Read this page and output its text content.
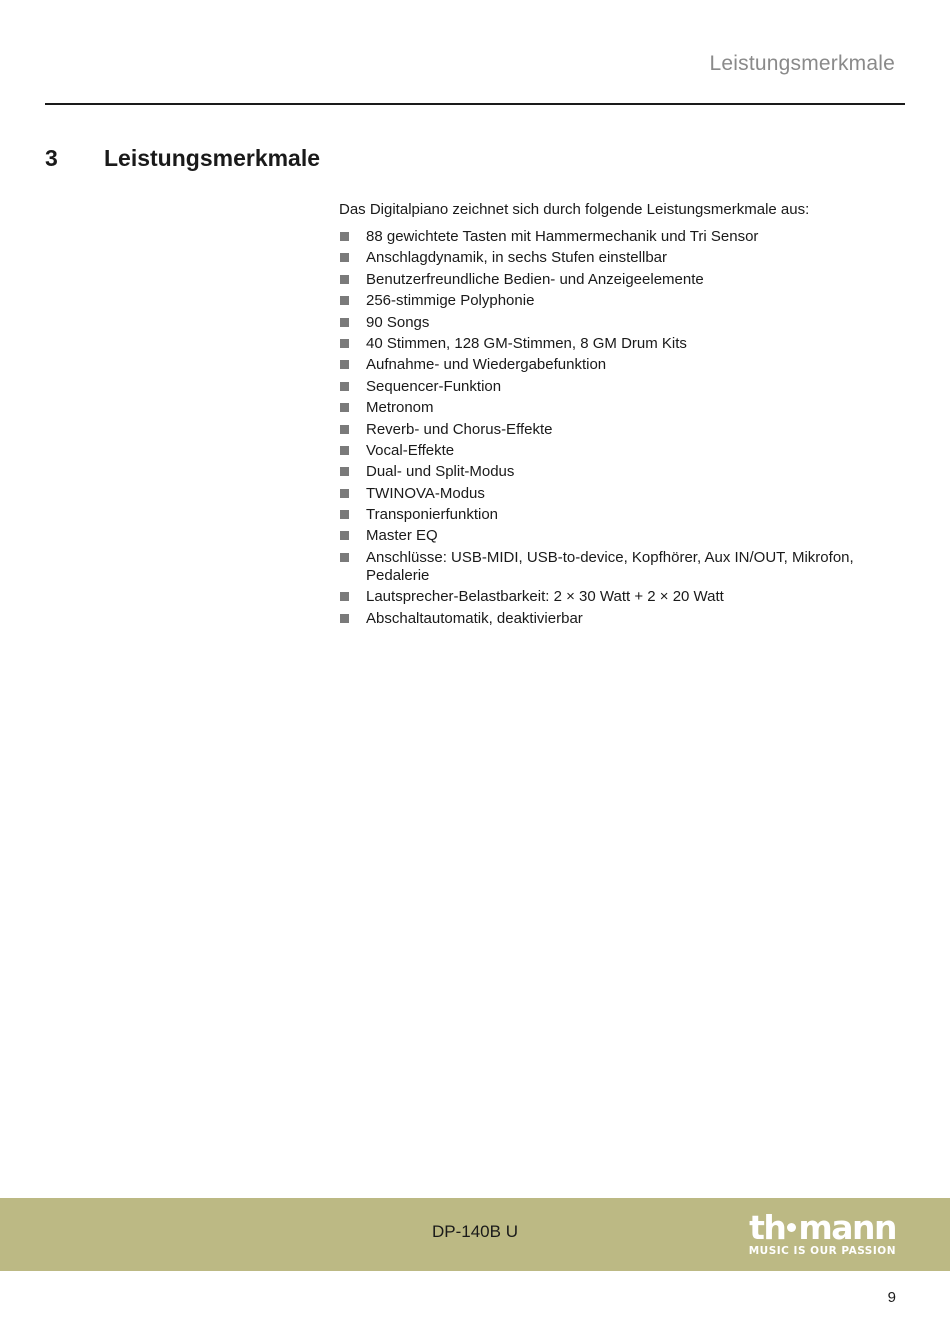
Leistungsmerkmale
3 Leistungsmerkmale

Das Digitalpiano zeichnet sich durch folgende Leistungsmerkmale aus:

88 gewichtete Tasten mit Hammermechanik und Tri Sensor
Anschlagdynamik, in sechs Stufen einstellbar
Benutzerfreundliche Bedien- und Anzeigeelemente
256-stimmige Polyphonie
90 Songs
40 Stimmen, 128 GM-Stimmen, 8 GM Drum Kits
Aufnahme- und Wiedergabefunktion
Sequencer-Funktion
Metronom
Reverb- und Chorus-Effekte
Vocal-Effekte
Dual- und Split-Modus
TWINOVA-Modus
Transponierfunktion
Master EQ
Anschlüsse: USB-MIDI, USB-to-device, Kopfhörer, Aux IN/OUT, Mikrofon, Pedalerie
Lautsprecher-Belastbarkeit: 2 × 30 Watt + 2 × 20 Watt
Abschaltautomatik, deaktivierbar
DP-140B U	th mann
MUSIC IS OUR PASSION
9
